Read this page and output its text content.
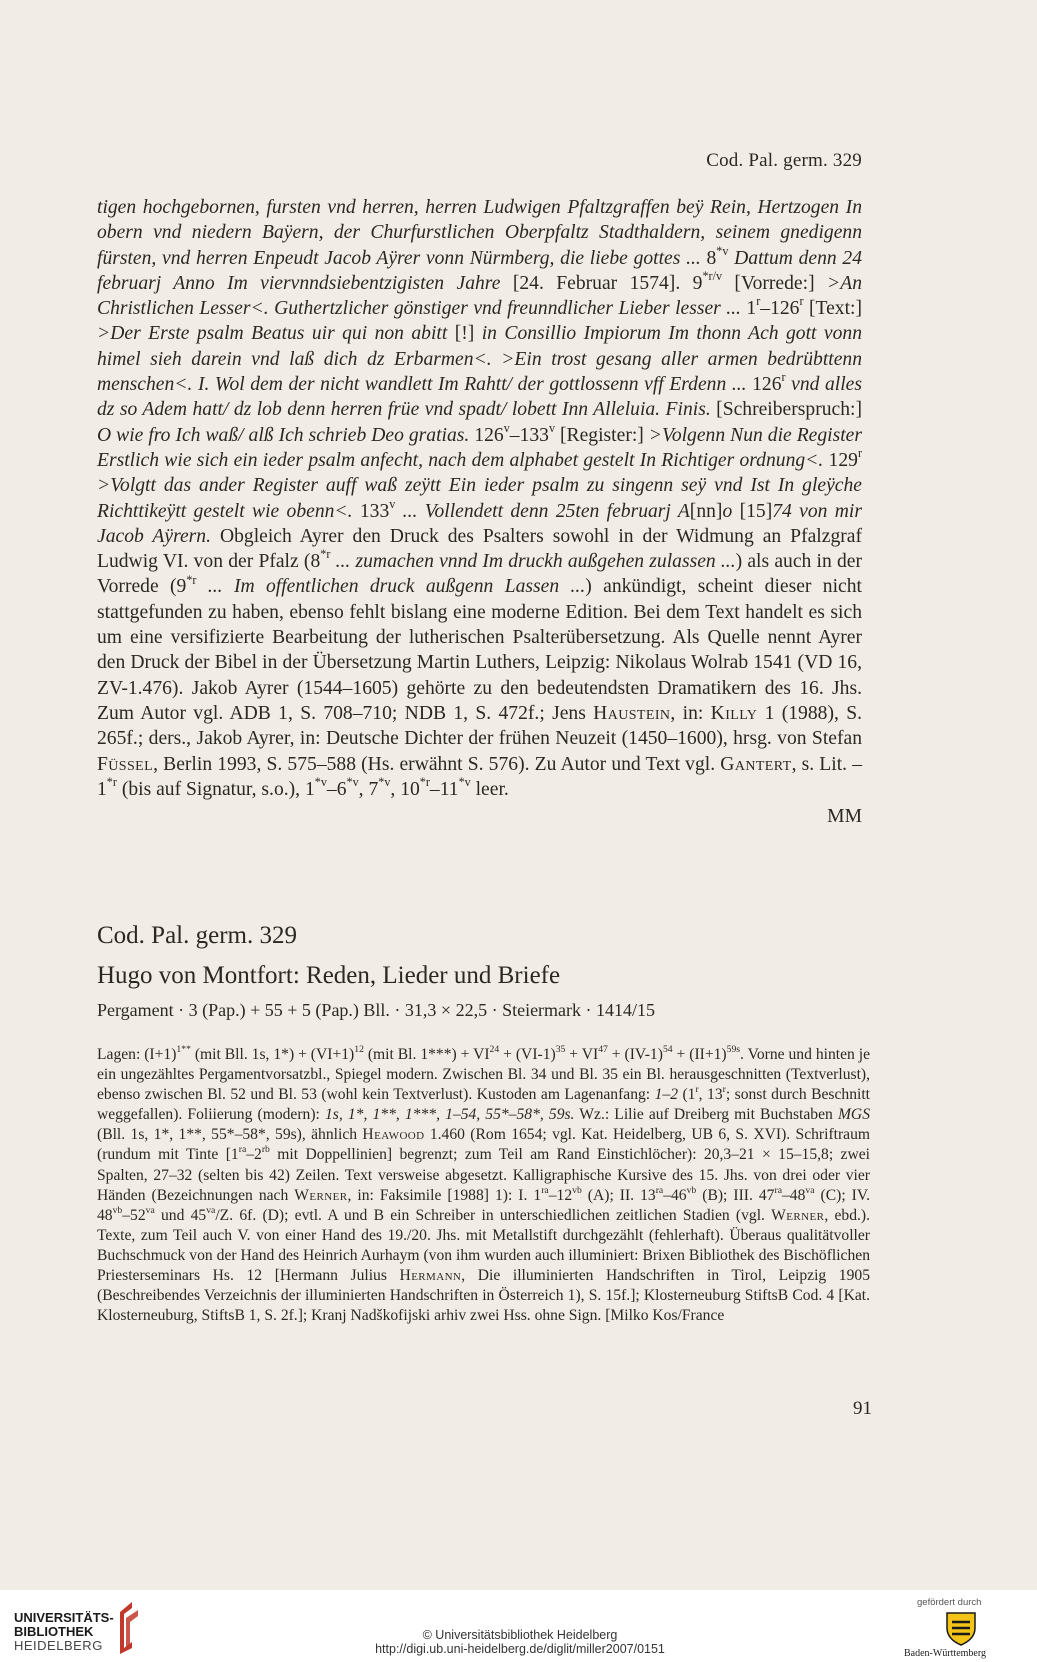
Cod. Pal. germ. 329

tigen hochgebornen, fursten vnd herren, herren Ludwigen Pfaltzgraffen beÿ Rein, Hertzogen In obern vnd niedern Baÿern, der Churfurstlichen Oberpfaltz Stadthaldern, seinem gnedigenn fürsten, vnd herren Enpeudt Jacob Aÿrer vonn Nürmberg, die liebe gottes ... 8$^{*v}$ Dattum denn 24 februarj Anno Im viervnndsiebentzigisten Jahre [24. Februar 1574]. $9^{*r/v}$ [Vorrede:] >An Christlichen Lesser<. Guthertzlicher gönstiger vnd freunndlicher Lieber lesser ... 1$^r$–126$^r$ [Text:] >Der Erste psalm Beatus uir qui non abitt [!] in Consillio Impiorum Im thonn Ach gott vonn himel sieh darein vnd laß dich dz Erbarmen<. >Ein trost gesang aller armen bedrübttenn menschen<. I. Wol dem der nicht wandlett Im Rahtt/ der gottlossenn vff Erdenn ... 126$^r$ vnd alles dz so Adem hatt/ dz lob denn herren früe vnd spadt/ lobett Inn Alleluia. Finis. [Schreiberspruch:] O wie fro Ich waß/ alß Ich schrieb Deo gratias. 126$^v$–133$^v$ [Register:] >Volgenn Nun die Register Erstlich wie sich ein ieder psalm anfecht, nach dem alphabet gestelt In Richtiger ordnung<. $129^r$ >Volgtt das ander Register auff waß zeÿtt Ein ieder psalm zu singenn seÿ vnd Ist In gleÿche Richttikeÿtt gestelt wie obenn<. 133$^v$ ... Vollendett denn 25ten februarj A[nn]o [15]74 von mir Jacob Aÿrern. Obgleich Ayrer den Druck des Psalters sowohl in der Widmung an Pfalzgraf Ludwig VI. von der Pfalz (8$^{*r}$ ... zumachen vnnd Im druckh außgehen zulassen ...) als auch in der Vorrede (9$^{*r}$ ... Im offentlichen druck außgenn Lassen ...) ankündigt, scheint dieser nicht stattgefunden zu haben, ebenso fehlt bislang eine moderne Edition. Bei dem Text handelt es sich um eine versifizierte Bearbeitung der lutherischen Psalterübersetzung. Als Quelle nennt Ayrer den Druck der Bibel in der Übersetzung Martin Luthers, Leipzig: Nikolaus Wolrab 1541 (VD 16, ZV-1.476). Jakob Ayrer (1544–1605) gehörte zu den bedeutendsten Dramatikern des 16. Jhs. Zum Autor vgl. ADB 1, S. 708–710; NDB 1, S. 472f.; Jens Haustein, in: Killy 1 (1988), S. 265f.; ders., Jakob Ayrer, in: Deutsche Dichter der frühen Neuzeit (1450–1600), hrsg. von Stefan Füssel, Berlin 1993, S. 575–588 (Hs. erwähnt S. 576). Zu Autor und Text vgl. Gantert, s. Lit. – 1$^{*r}$ (bis auf Signatur, s.o.), 1$^{*v}$–6$^{*v}$, 7$^{*v}$, 10$^{*r}$–11$^{*v}$ leer.

MM
Cod. Pal. germ. 329
Hugo von Montfort: Reden, Lieder und Briefe

Pergament · 3 (Pap.) + 55 + 5 (Pap.) Bll. · 31,3 × 22,5 · Steiermark · 1414/15

Lagen: $(I+1)^{1**}$ (mit Bll. 1s, $1*) + (VI+1)^{12}$ (mit Bl. $1***) + VI^{24} + (VI-1)^{35} + VI^{47} + (IV-1)^{54} + (II+1)^{59s}$. Vorne und hinten je ein ungezähltes Pergamentvorsatzbl., Spiegel modern. Zwischen Bl. 34 und Bl. 35 ein Bl. herausgeschnitten (Textverlust), ebenso zwischen Bl. 52 und Bl. 53 (wohl kein Textverlust). Kustoden am Lagenanfang: 1–2 (1$^r$, 13$^r$; sonst durch Beschnitt weggefallen). Foliierung (modern): 1s, 1*, 1**, 1***, 1–54, 55*–58*, 59s. Wz.: Lilie auf Dreiberg mit Buchstaben MGS (Bll. 1s, 1*, 1**, 55*–58*, 59s), ähnlich Heawood 1.460 (Rom 1654; vgl. Kat. Heidelberg, UB 6, S. XVI). Schriftraum (rundum mit Tinte [$1^{ra}-2^{rb}$ mit Doppellinien] begrenzt; zum Teil am Rand Einstichlöcher): 20,3–21 × 15–15,8; zwei Spalten, 27–32 (selten bis 42) Zeilen. Text versweise abgesetzt. Kalligraphische Kursive des 15. Jhs. von drei oder vier Händen (Bezeichnungen nach Werner, in: Faksimile [1988] 1): I. $1^{ra}-12^{vb}$ (A); II. $13^{ra}-46^{vb}$ (B); III. $47^{ra}-48^{va}$ (C); IV. $48^{vb}-52^{va}$ und $45^{va}/Z$. 6f. (D); evtl. A und B ein Schreiber in unterschiedlichen zeitlichen Stadien (vgl. Werner, ebd.). Texte, zum Teil auch V. von einer Hand des 19./20. Jhs. mit Metallstift durchgezählt (fehlerhaft). Überaus qualitätvoller Buchschmuck von der Hand des Heinrich Aurhaym (von ihm wurden auch illuminiert: Brixen Bibliothek des Bischöflichen Priesterseminars Hs. 12 [Hermann Julius Hermann, Die illuminierten Handschriften in Tirol, Leipzig 1905 (Beschreibendes Verzeichnis der illuminierten Handschriften in Österreich 1), S. 15f.]; Klosterneuburg StiftsB Cod. 4 [Kat. Klosterneuburg, StiftsB 1, S. 2f.]; Kranj Nadškofijski arhiv zwei Hss. ohne Sign. [Milko Kos/France

91
UNIVERSITÄTS-
BIBLIOTHEK
HEIDELBERG
© Universitätsbibliothek Heidelberg
http://digi.ub.uni-heidelberg.de/diglit/miller2007/0151
gefördert durch
Baden-Württemberg
